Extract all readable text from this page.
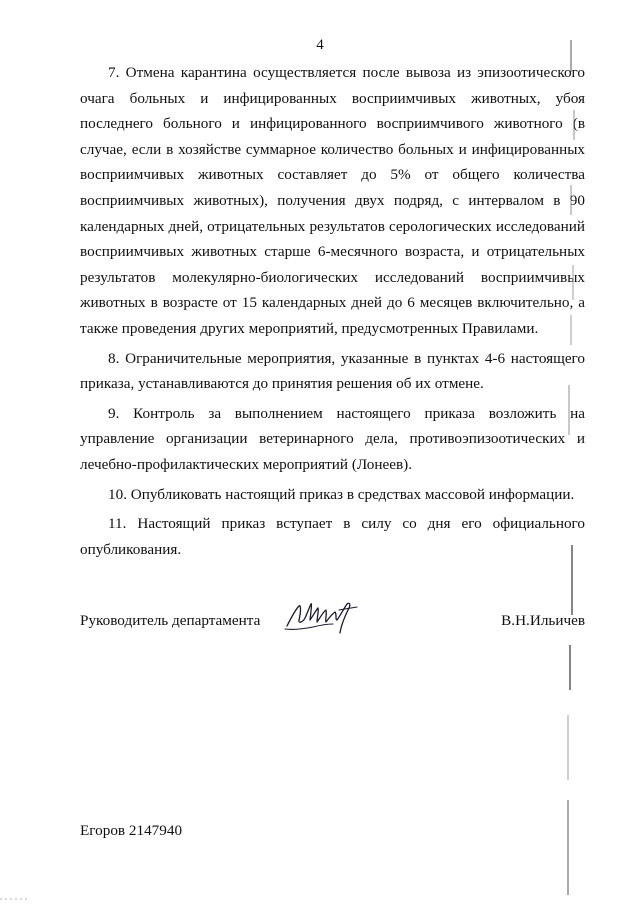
4

7. Отмена карантина осуществляется после вывоза из эпизоотического очага больных и инфицированных восприимчивых животных, убоя последнего больного и инфицированного восприимчивого животного (в случае, если в хозяйстве суммарное количество больных и инфицированных восприимчивых животных составляет до 5% от общего количества восприимчивых животных), получения двух подряд, с интервалом в 90 календарных дней, отрицательных результатов серологических исследований восприимчивых животных старше 6-месячного возраста, и отрицательных результатов молекулярно-биологических исследований восприимчивых животных в возрасте от 15 календарных дней до 6 месяцев включительно, а также проведения других мероприятий, предусмотренных Правилами.

8. Ограничительные мероприятия, указанные в пунктах 4-6 настоящего приказа, устанавливаются до принятия решения об их отмене.

9. Контроль за выполнением настоящего приказа возложить на управление организации ветеринарного дела, противоэпизоотических и лечебно-профилактических мероприятий (Лонеев).

10. Опубликовать настоящий приказ в средствах массовой информации.

11. Настоящий приказ вступает в силу со дня его официального опубликования.

Руководитель департамента	В.Н.Ильичев
Егоров 2147940
